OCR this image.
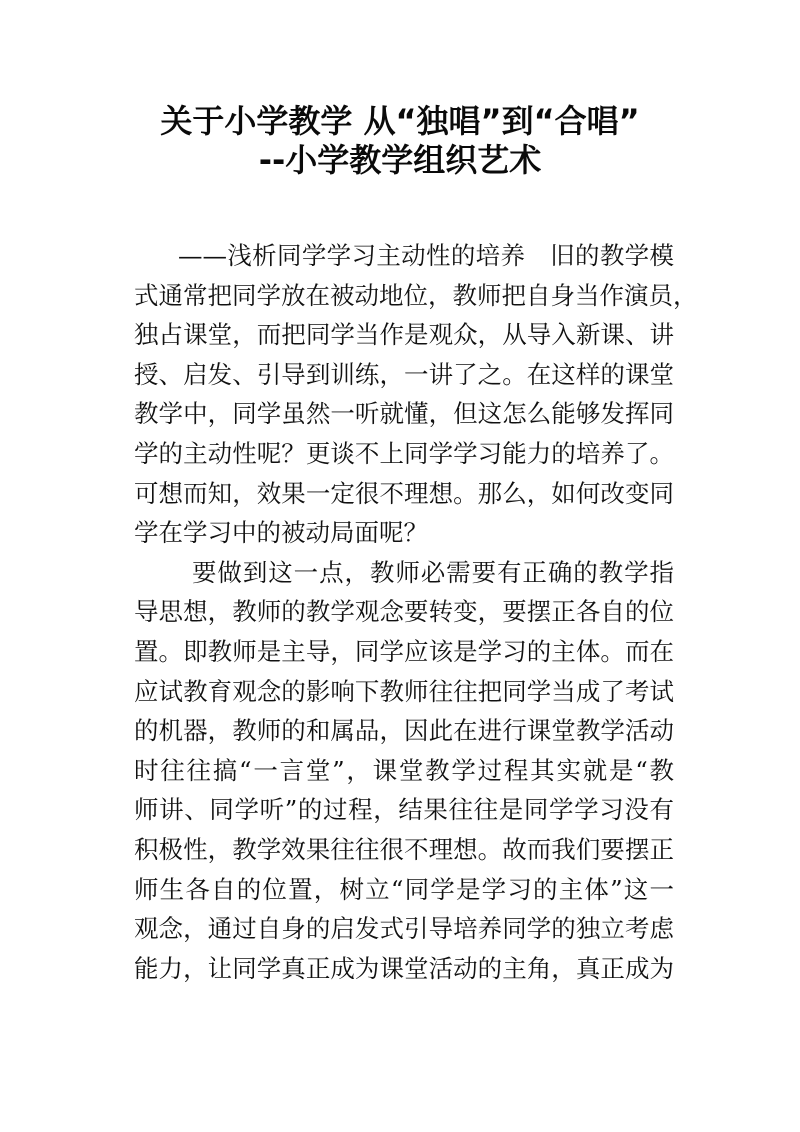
关于小学教学 从“独唱”到“合唱”
--小学教学组织艺术
——浅析同学学习主动性的培养　旧的教学模
式通常把同学放在被动地位，教师把自身当作演员，
独占课堂，而把同学当作是观众，从导入新课、讲
授、启发、引导到训练，一讲了之。在这样的课堂
教学中，同学虽然一听就懂，但这怎么能够发挥同
学的主动性呢？更谈不上同学学习能力的培养了。
可想而知，效果一定很不理想。那么，如何改变同
学在学习中的被动局面呢？
要做到这一点，教师必需要有正确的教学指
导思想，教师的教学观念要转变，要摆正各自的位
置。即教师是主导，同学应该是学习的主体。而在
应试教育观念的影响下教师往往把同学当成了考试
的机器，教师的和属品，因此在进行课堂教学活动
时往往搞“一言堂”，课堂教学过程其实就是“教
师讲、同学听”的过程，结果往往是同学学习没有
积极性，教学效果往往很不理想。故而我们要摆正
师生各自的位置，树立“同学是学习的主体”这一
观念，通过自身的启发式引导培养同学的独立考虑
能力，让同学真正成为课堂活动的主角，真正成为
